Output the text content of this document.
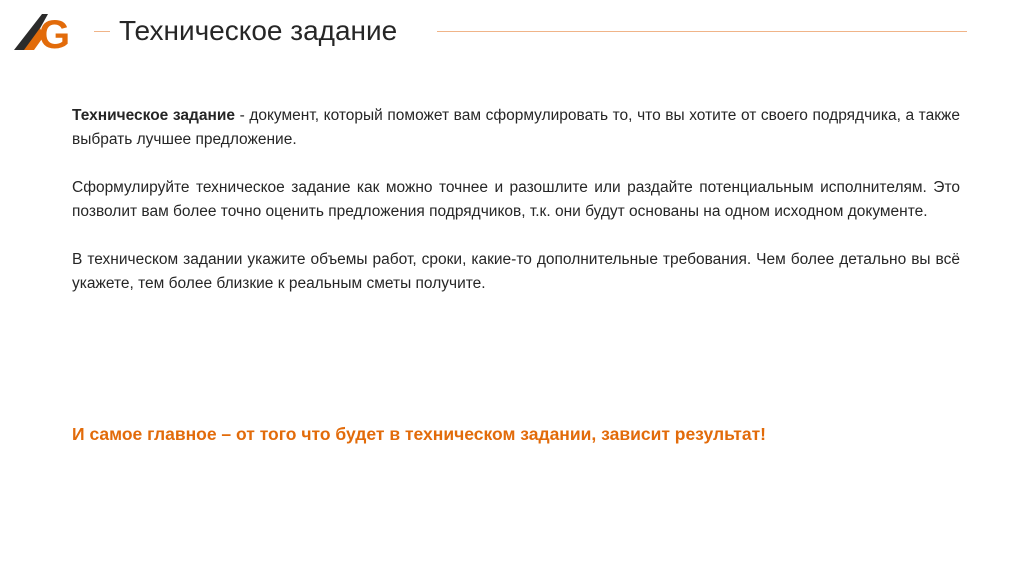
G Техническое задание

Техническое задание - документ, который поможет вам сформулировать то, что вы хотите от своего подрядчика, а также выбрать лучшее предложение.

Сформулируйте техническое задание как можно точнее и разошлите или раздайте потенциальным исполнителям. Это позволит вам более точно оценить предложения подрядчиков, т.к. они будут основаны на одном исходном документе.

В техническом задании укажите объемы работ, сроки, какие-то дополнительные требования. Чем более детально вы всё укажете, тем более близкие к реальным сметы получите.

И самое главное – от того что будет в техническом задании, зависит результат!
